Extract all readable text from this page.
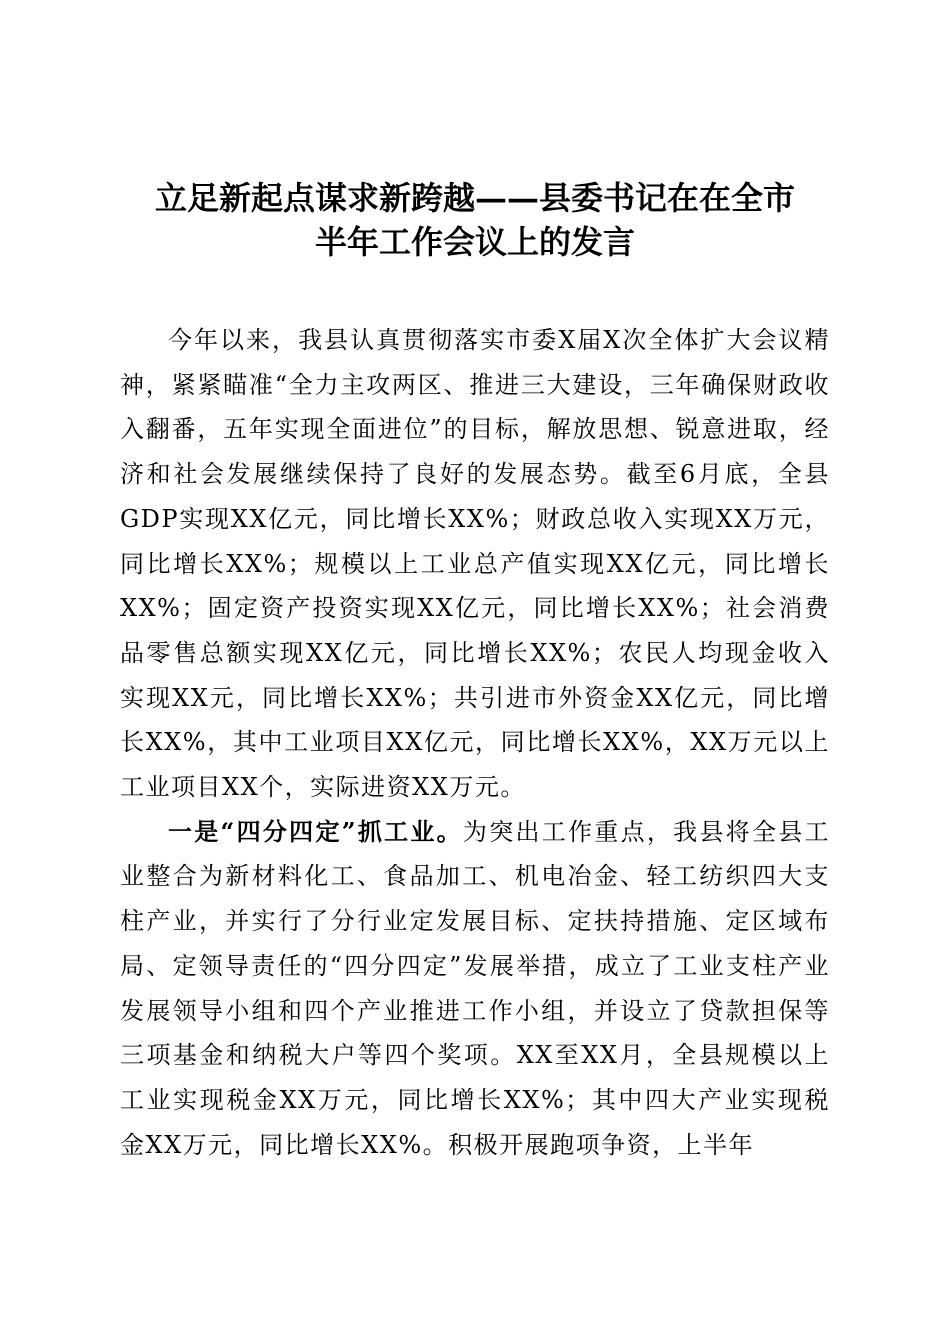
立足新起点谋求新跨越——县委书记在在全市
半年工作会议上的发言

今年以来，我县认真贯彻落实市委X届X次全体扩大会议精神，紧紧瞄准“全力主攻两区、推进三大建设，三年确保财政收入翻番，五年实现全面进位”的目标，解放思想、锐意进取，经济和社会发展继续保持了良好的发展态势。截至6月底，全县GDP实现XX亿元，同比增长XX%；财政总收入实现XX万元，同比增长XX%；规模以上工业总产值实现XX亿元，同比增长XX%；固定资产投资实现XX亿元，同比增长XX%；社会消费品零售总额实现XX亿元，同比增长XX%；农民人均现金收入实现XX元，同比增长XX%；共引进市外资金XX亿元，同比增长XX%，其中工业项目XX亿元，同比增长XX%，XX万元以上工业项目XX个，实际进资XX万元。

一是“四分四定”抓工业。为突出工作重点，我县将全县工业整合为新材料化工、食品加工、机电冶金、轻工纺织四大支柱产业，并实行了分行业定发展目标、定扶持措施、定区域布局、定领导责任的“四分四定”发展举措，成立了工业支柱产业发展领导小组和四个产业推进工作小组，并设立了贷款担保等三项基金和纳税大户等四个奖项。XX至XX月，全县规模以上工业实现税金XX万元，同比增长XX%；其中四大产业实现税金XX万元，同比增长XX%。积极开展跑项争资，上半年
